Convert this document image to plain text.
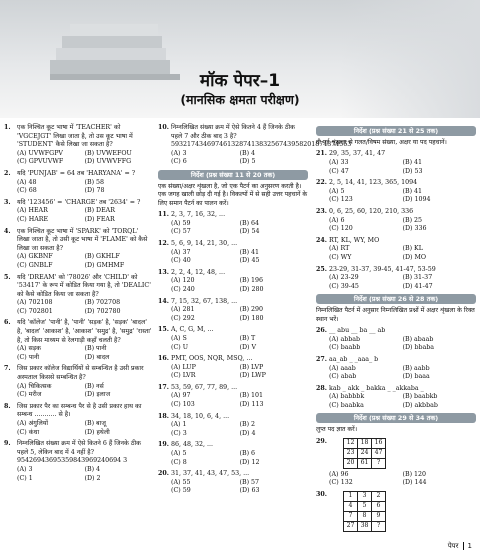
मॉक पेपर–1
(मानसिक क्षमता परीक्षण)
1. एक निश्चित कूट भाषा में 'TEACHER' को 'VGCEJGT' लिखा जाता है, तो उस कूट भाषा में 'STUDENT' कैसे लिखा जा सकता है?
(A) UVWFGPV	(B) UVWEFOU
(C) GPVUVWF	(D) UVWVFFG
2. यदि 'PUNJAB' = 64 तब 'HARYANA' = ?
(A) 48	(B) 58
(C) 68	(D) 78
3. यदि '123456' = 'CHARGE' तब '2634' = ?
(A) HEAR	(B) DEAR
(C) HARE	(D) FEAR
4. एक निश्चित कूट भाषा में 'SPARK' को 'TORQL' लिखा जाता है, तो उसी कूट भाषा में 'FLAME' को कैसे लिखा जा सकता है?
(A) GKBNF	(B) GKHLF
(C) GNBLF	(D) GMHMF
5. यदि 'DREAM' को '78026' और 'CHILD' को '53417' के रूप में कोडित किया गया है, तो 'DEALIC' को कैसे कोडित किया जा सकता है?
(A) 702108	(B) 702708
(C) 702801	(D) 702780
6. यदि 'कॉलेज' 'पानी' है, 'पानी' 'सड़क' है, 'सड़क' 'बादल' है, 'बादल' 'आकाश' है, 'आकाश' 'समुद्र' है, 'समुद्र' 'रास्ता' है, तो किस माध्यम से रेलगाड़ी कहाँ चलती है?
(A) सड़क	(B) पानी
(C) पानी	(D) बादल
7. जिस प्रकार कॉलेज विद्यार्थियों से सम्बन्धित है उसी प्रकार अस्पताल किससे सम्बन्धित है?
(A) चिकित्सक	(B) नर्स
(C) मरीज	(D) इलाज
8. जिस प्रकार पैर का सम्बन्ध पैर से है उसी प्रकार हाथ का सम्बन्ध ........... से है।
(A) अंगुलियों	(B) बाजू
(C) कंधा	(D) हथेली
9. निम्नलिखित संख्या क्रम में ऐसे कितने 6 हैं जिनके ठीक पहले 5, लेकिन बाद में 4 नहीं है? 95426943695359843969240694 3
(A) 3	(B) 4
(C) 1	(D) 2
10. निम्नलिखित संख्या क्रम में ऐसे कितने 4 हैं जिनके ठीक पहले 7 और ठीक बाद 3 है? 593217434697461328741383256743958201874374563
(A) 3	(B) 4
(C) 6	(D) 5
निर्देश (प्रश्न संख्या 11 से 20 तक)
एक संख्या/अक्षर शृंखला है, जो एक पैटर्न का अनुसरण करती है। एक जगह खाली छोड़ दी गई है। विकल्पों में से सही उत्तर पहचानें के लिए समान पैटर्न का पालन करें।
11. 2, 3, 7, 16, 32, ...
(A) 59	(B) 64
(C) 57	(D) 54
12. 5, 6, 9, 14, 21, 30, ...
(A) 37	(B) 41
(C) 40	(D) 45
13. 2, 2, 4, 12, 48, ...
(A) 120	(B) 196
(C) 240	(D) 280
14. 7, 15, 32, 67, 138, ...
(A) 281	(B) 290
(C) 292	(D) 180
15. A, C, G, M, ...
(A) S	(B) T
(C) U	(D) V
16. PMT, OOS, NQR, MSQ, ...
(A) LUP	(B) LVP
(C) LVR	(D) LWP
17. 53, 59, 67, 77, 89, ...
(A) 97	(B) 101
(C) 103	(D) 113
18. 34, 18, 10, 6, 4, ...
(A) 1	(B) 2
(C) 3	(D) 4
19. 86, 48, 32, ...
(A) 5	(B) 6
(C) 8	(D) 12
20. 31, 37, 41, 43, 47, 53, ...
(A) 55	(B) 57
(C) 59	(D) 63
निर्देश (प्रश्न संख्या 21 से 25 तक)
दी गई शृंखला से गलत/विषम संख्या, अक्षर या पद पहचानें।
21. 29, 35, 37, 41, 47
(A) 33	(B) 41
(C) 47	(D) 53
22. 2, 5, 14, 41, 123, 365, 1094
(A) 5	(B) 41
(C) 123	(D) 1094
23. 0, 6, 25, 60, 120, 210, 336
(A) 6	(B) 25
(C) 120	(D) 336
24. RT, KL, WY, MO
(A) RT	(B) KL
(C) WY	(D) MO
25. 23-29, 31-37, 39-45, 41-47, 53-59
(A) 23-29	(B) 31-37
(C) 39-45	(D) 41-47
निर्देश (प्रश्न संख्या 26 से 28 तक)
निम्नलिखित पैटर्न में अनुसार निम्नलिखित प्रश्नों में अक्षर शृंखला के रिक्त स्थान भरें।
26. __ abu __ ba __ ab
(A) abbab	(B) abaab
(C) baabb	(D) bbaba
27. aa_ab _ _aaa_ b
(A) aaab	(B) aabb
(C) abab	(D) baaa
28. kab _ akk _ bakka _ _akkaba _
(A) babbbk	(B) baabkb
(C) baabka	(D) akbbab
निर्देश (प्रश्न संख्या 29 से 34 तक)
लुप्त पद ज्ञात करें।
29.	12	18	16
23	24	47
20	61	?
(A) 96	(B) 120
(C) 132	(D) 144
30.	1	3	2
4	5	6
7	8	9
27	38	?
पेपर 1
